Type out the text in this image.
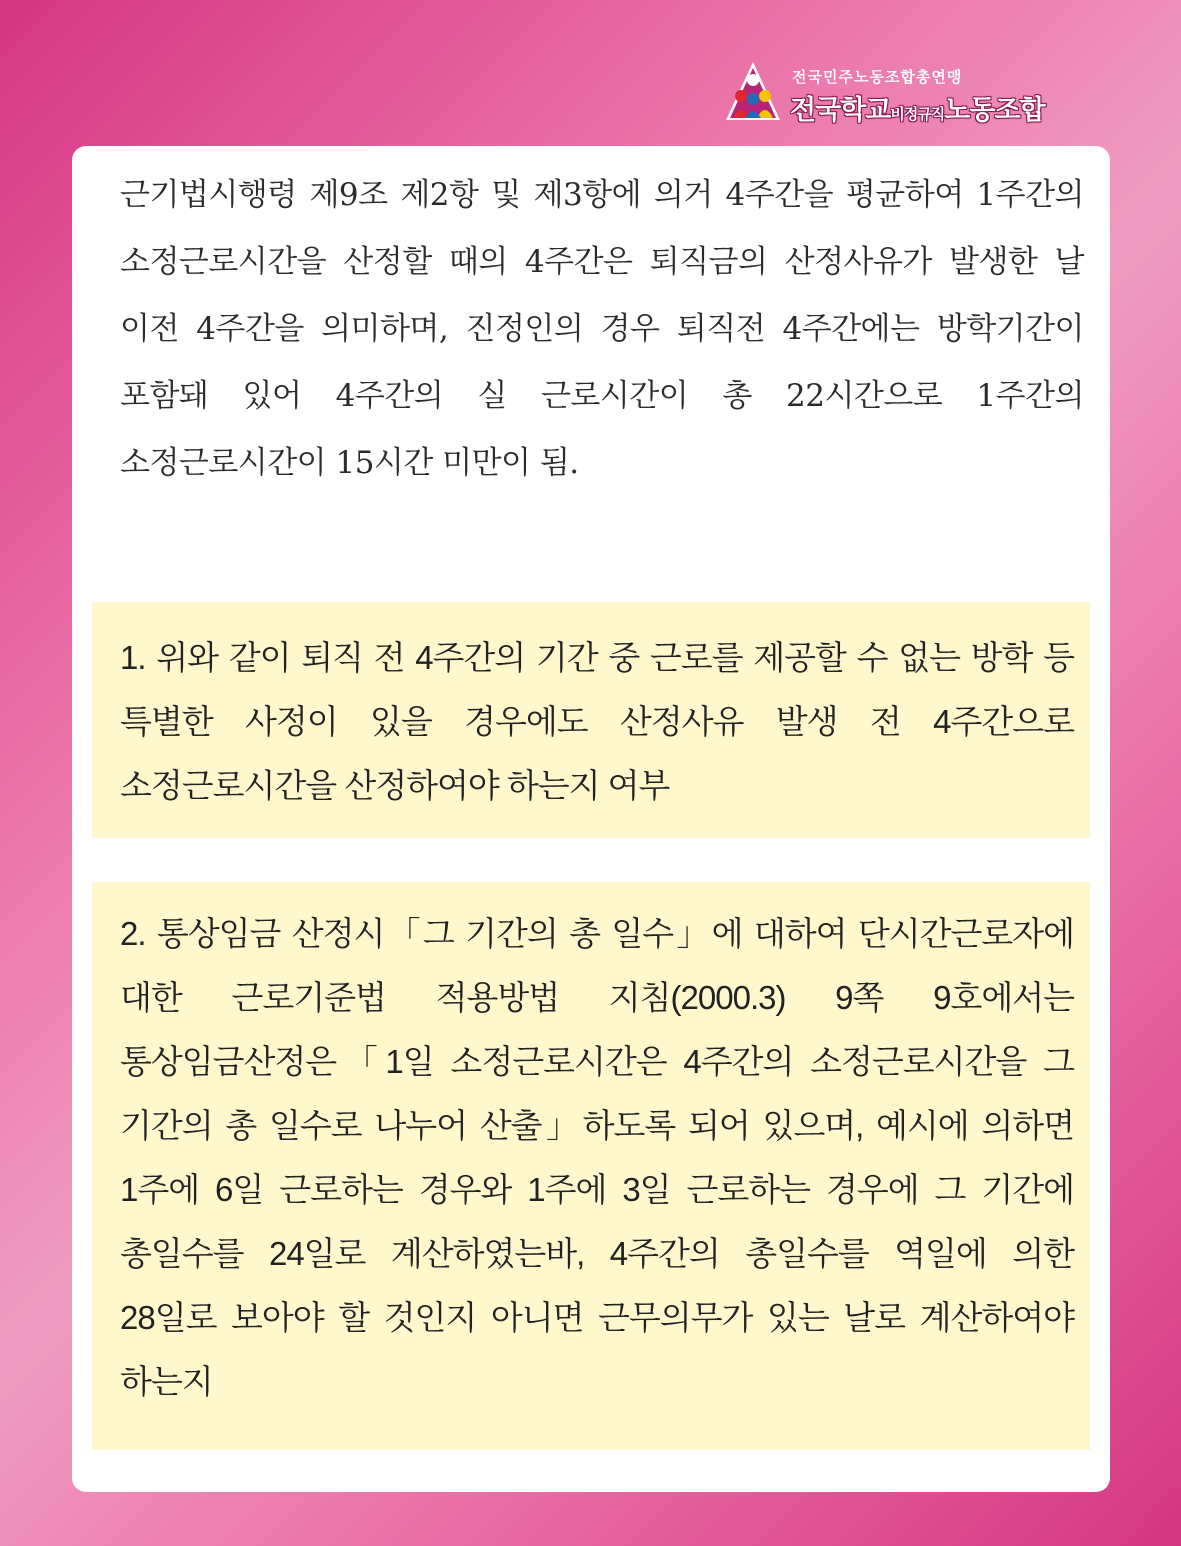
전국민주노동조합총연맹
전국학교비정규직노동조합
근기법시행령 제9조 제2항 및 제3항에 의거 4주간을 평균하여 1주간의 소정근로시간을 산정할 때의 4주간은 퇴직금의 산정사유가 발생한 날 이전 4주간을 의미하며, 진정인의 경우 퇴직전 4주간에는 방학기간이 포함돼 있어 4주간의 실 근로시간이 총 22시간으로 1주간의 소정근로시간이 15시간 미만이 됨.
1. 위와 같이 퇴직 전 4주간의 기간 중 근로를 제공할 수 없는 방학 등 특별한 사정이 있을 경우에도 산정사유 발생 전 4주간으로 소정근로시간을 산정하여야 하는지 여부
2. 통상임금 산정시「그 기간의 총 일수」에 대하여 단시간근로자에 대한 근로기준법 적용방법 지침(2000.3) 9쪽 9호에서는 통상임금산정은「1일 소정근로시간은 4주간의 소정근로시간을 그 기간의 총 일수로 나누어 산출」하도록 되어 있으며, 예시에 의하면 1주에 6일 근로하는 경우와 1주에 3일 근로하는 경우에 그 기간에 총일수를 24일로 계산하였는바, 4주간의 총일수를 역일에 의한 28일로 보아야 할 것인지 아니면 근무의무가 있는 날로 계산하여야 하는지
